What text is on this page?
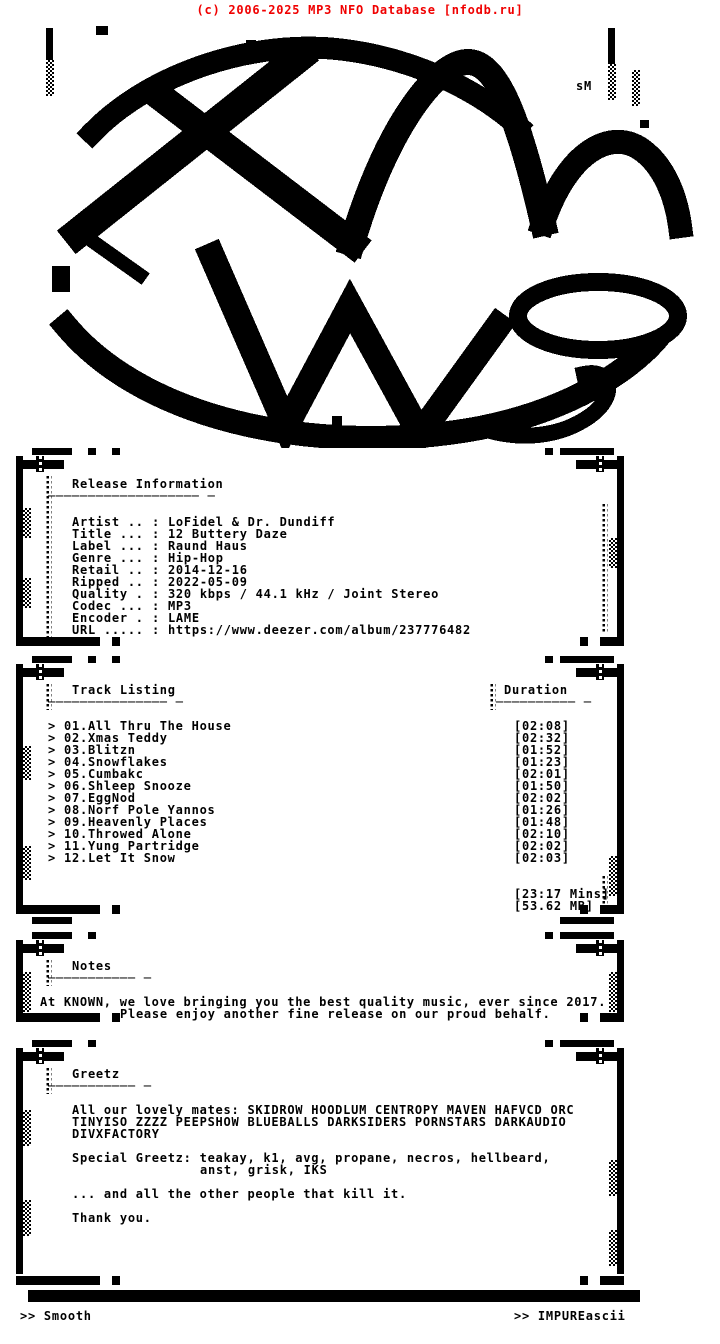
(c) 2006-2025 MP3 NFO Database [nfodb.ru]
sM
Release Information
─────────────────── ─
Artist .. : LoFidel & Dr. Dundiff
Title ... : 12 Buttery Daze
Label ... : Raund Haus
Genre ... : Hip-Hop
Retail .. : 2014-12-16
Ripped .. : 2022-05-09
Quality . : 320 kbps / 44.1 kHz / Joint Stereo
Codec ... : MP3
Encoder . : LAME
URL ..... : https://www.deezer.com/album/237776482
Track Listing
─────────────── ─
Duration
────────── ─
> 01.All Thru The House	[02:08]
> 02.Xmas Teddy	[02:32]
> 03.Blitzn	[01:52]
> 04.Snowflakes	[01:23]
> 05.Cumbakc	[02:01]
> 06.Shleep Snooze	[01:50]
> 07.EggNod	[02:02]
> 08.Norf Pole Yannos	[01:26]
> 09.Heavenly Places	[01:48]
> 10.Throwed Alone	[02:10]
> 11.Yung Partridge	[02:02]
> 12.Let It Snow	[02:03]
[23:17 Mins]
[53.62 MB]
Notes
─────────── ─
At KNOWN, we love bringing you the best quality music, ever since 2017.
Please enjoy another fine release on our proud behalf.
Greetz
─────────── ─
All our lovely mates: SKIDROW HOODLUM CENTROPY MAVEN HAFVCD ORC
TINYISO ZZZZ PEEPSHOW BLUEBALLS DARKSIDERS PORNSTARS DARKAUDIO
DIVXFACTORY
Special Greetz: teakay, k1, avg, propane, necros, hellbeard,
anst, grisk, IKS
... and all the other people that kill it.
Thank you.
>> Smooth	>> IMPUREascii
